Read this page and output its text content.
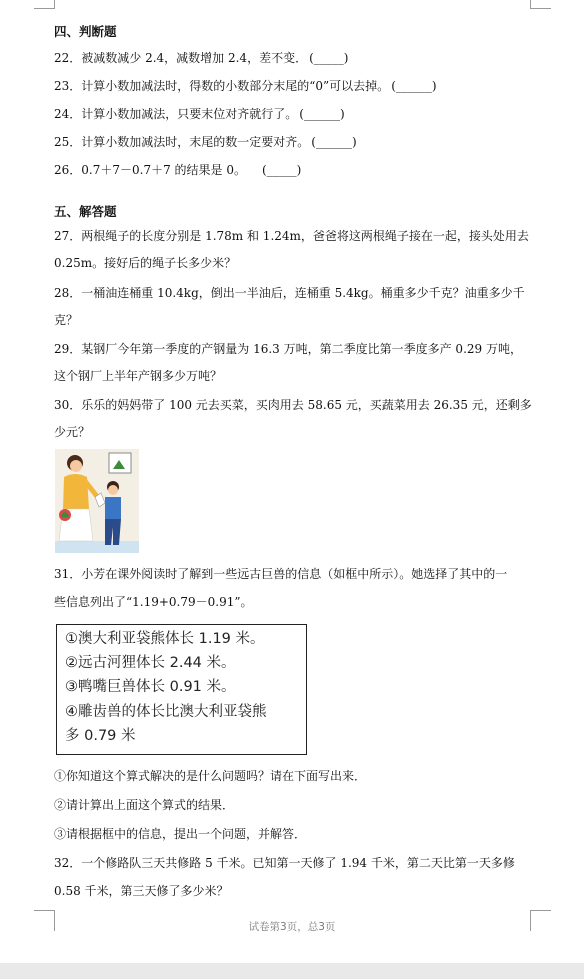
四、判断题
22．被减数减少 2.4，减数增加 2.4，差不变． (_____)
23．计算小数加减法时，得数的小数部分末尾的“0”可以去掉。 (______)
24．计算小数加减法，只要末位对齐就行了。 (______)
25．计算小数加减法时，末尾的数一定要对齐。 (______)
26．0.7＋7－0.7＋7 的结果是 0。 (_____)
五、解答题
27．两根绳子的长度分别是 1.78m 和 1.24m，爸爸将这两根绳子接在一起，接头处用去
0.25m。接好后的绳子长多少米？
28．一桶油连桶重 10.4kg，倒出一半油后，连桶重 5.4kg。桶重多少千克？油重多少千
克？
29．某钢厂今年第一季度的产钢量为 16.3 万吨，第二季度比第一季度多产 0.29 万吨，
这个钢厂上半年产钢多少万吨？
30．乐乐的妈妈带了 100 元去买菜，买肉用去 58.65 元，买蔬菜用去 26.35 元，还剩多
少元？
31．小芳在课外阅读时了解到一些远古巨兽的信息（如框中所示）。她选择了其中的一
些信息列出了“1.19+0.79－0.91”。
①澳大利亚袋熊体长 1.19 米。
②远古河狸体长 2.44 米。
③鸭嘴巨兽体长 0.91 米。
④雕齿兽的体长比澳大利亚袋熊
多 0.79 米
①你知道这个算式解决的是什么问题吗？请在下面写出来．
②请计算出上面这个算式的结果．
③请根据框中的信息，提出一个问题，并解答．
32．一个修路队三天共修路 5 千米。已知第一天修了 1.94 千米，第二天比第一天多修
0.58 千米，第三天修了多少米？
试卷第3页，总3页
